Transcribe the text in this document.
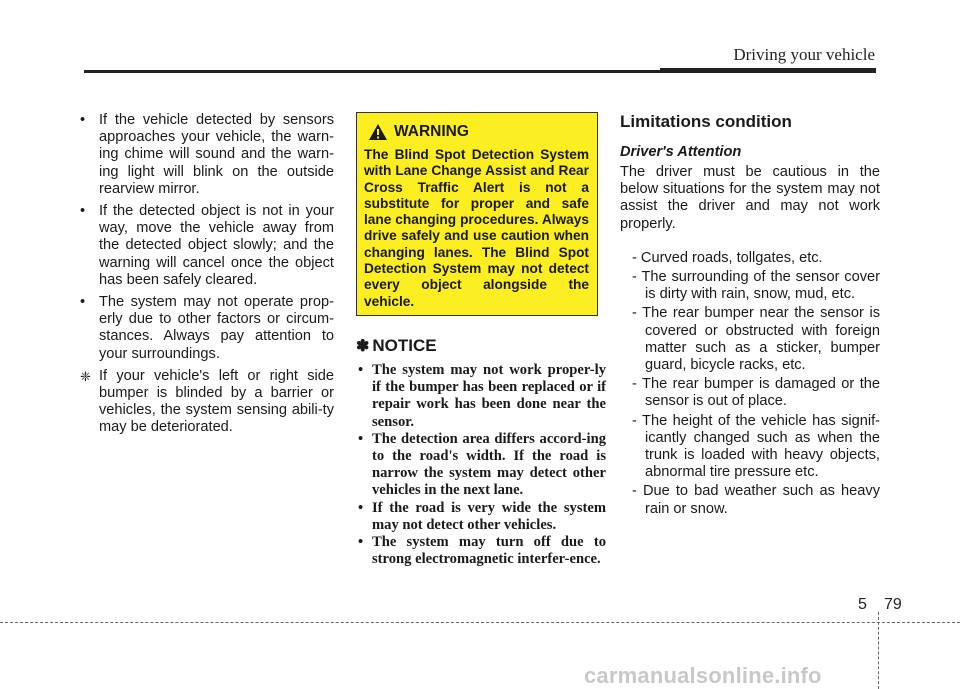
Driving your vehicle
• If the vehicle detected by sensors approaches your vehicle, the warn-ing chime will sound and the warn-ing light will blink on the outside rearview mirror.
• If the detected object is not in your way, move the vehicle away from the detected object slowly; and the warning will cancel once the object has been safely cleared.
• The system may not operate prop-erly due to other factors or circum-stances. Always pay attention to your surroundings.
❈ If your vehicle's left or right side bumper is blinded by a barrier or vehicles, the system sensing abili-ty may be deteriorated.
WARNING
The Blind Spot Detection System with Lane Change Assist and Rear Cross Traffic Alert is not a substitute for proper and safe lane changing procedures. Always drive safely and use caution when changing lanes. The Blind Spot Detection System may not detect every object alongside the vehicle.
✽ NOTICE
• The system may not work proper-ly if the bumper has been replaced or if repair work has been done near the sensor.
• The detection area differs accord-ing to the road's width. If the road is narrow the system may detect other vehicles in the next lane.
• If the road is very wide the system may not detect other vehicles.
• The system may turn off due to strong electromagnetic interfer-ence.
Limitations condition
Driver's Attention
The driver must be cautious in the below situations for the system may not assist the driver and may not work properly.
- Curved roads, tollgates, etc.
- The surrounding of the sensor cover is dirty with rain, snow, mud, etc.
- The rear bumper near the sensor is covered or obstructed with foreign matter such as a sticker, bumper guard, bicycle racks, etc.
- The rear bumper is damaged or the sensor is out of place.
- The height of the vehicle has signif-icantly changed such as when the trunk is loaded with heavy objects, abnormal tire pressure etc.
- Due to bad weather such as heavy rain or snow.
5 79
carmanualsonline.info
